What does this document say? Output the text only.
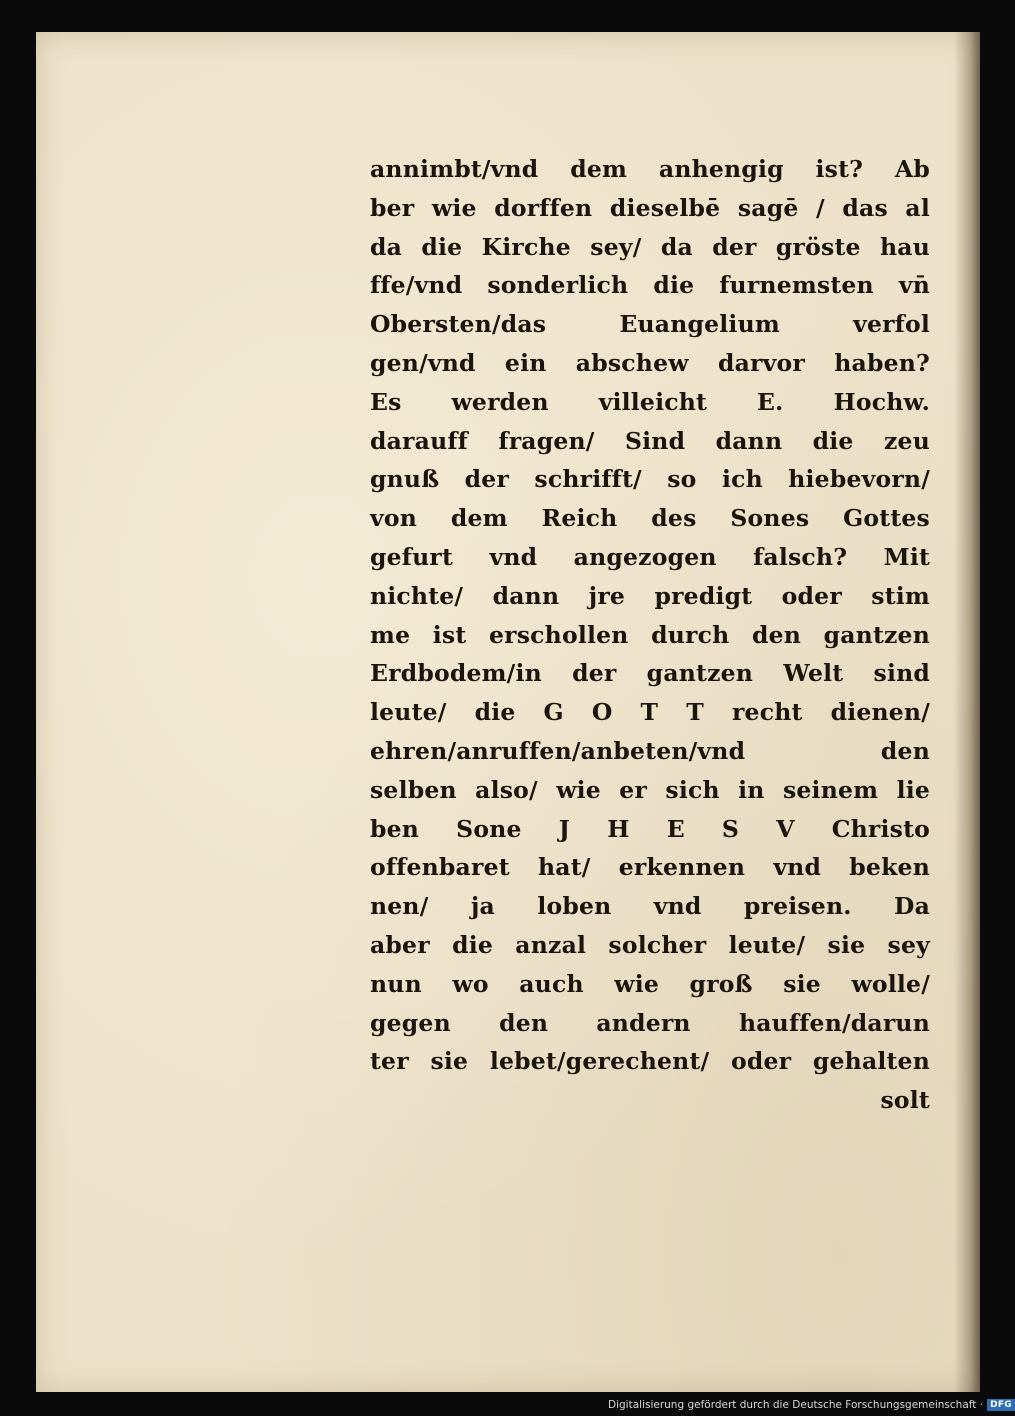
annimbt/vnd dem anhengig ist? Ab
ber wie dorffen dieselbē sagē / das al
da die Kirche sey/ da der gröste hau
ffe/vnd sonderlich die furnemsten vn̄
Obersten/das Euangelium verfol
gen/vnd ein abschew darvor haben?
Es werden villeicht E. Hochw.
darauff fragen/ Sind dann die zeu
gnuß der schrifft/ so ich hiebevorn/
von dem Reich des Sones Gottes
gefurt vnd angezogen falsch? Mit
nichte/ dann jre predigt oder stim
me ist erschollen durch den gantzen
Erdbodem/in der gantzen Welt sind
leute/ die G O T T recht dienen/
ehren/anruffen/anbeten/vnd den
selben also/ wie er sich in seinem lie
ben Sone J H E S V Christo
offenbaret hat/ erkennen vnd beken
nen/ ja loben vnd preisen. Da
aber die anzal solcher leute/ sie sey
nun wo auch wie groß sie wolle/
gegen den andern hauffen/darun
ter sie lebet/gerechent/ oder gehalten
solt
Digitalisierung gefördert durch die Deutsche Forschungsgemeinschaft · DFG
